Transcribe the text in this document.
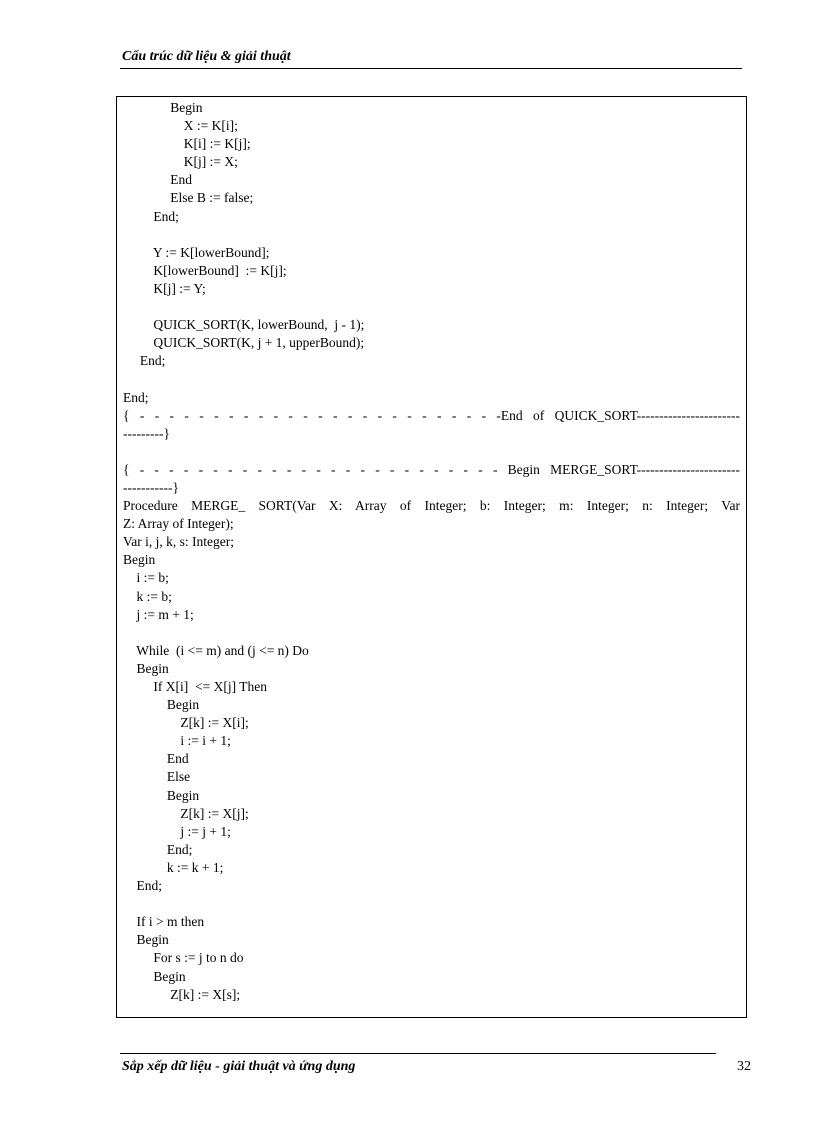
Cấu trúc dữ liệu & giải thuật
Begin
X := K[i];
K[i] := K[j];
K[j] := X;
End
Else B := false;
End;
Y := K[lowerBound];
K[lowerBound]  := K[j];
K[j] := Y;
QUICK_SORT(K, lowerBound,  j - 1);
QUICK_SORT(K, j + 1, upperBound);
End;
End;
{ - - - - - - - - - - - - - - - - - - - - - - - - -End of QUICK_SORT-----------------------
---------}
{ - - - - - - - - - - - - - - - - - - - - - - - - - Begin MERGE_SORT-----------------------
-----------}
Procedure MERGE_ SORT(Var X: Array of Integer; b: Integer; m: Integer; n: Integer; Var
Z: Array of Integer);
Var i, j, k, s: Integer;
Begin
i := b;
k := b;
j := m + 1;
While  (i <= m) and (j <= n) Do
Begin
If X[i]  <= X[j] Then
Begin
Z[k] := X[i];
i := i + 1;
End
Else
Begin
Z[k] := X[j];
j := j + 1;
End;
k := k + 1;
End;
If i > m then
Begin
For s := j to n do
Begin
Z[k] := X[s];
Sắp xếp dữ liệu - giải thuật và ứng dụng	32
